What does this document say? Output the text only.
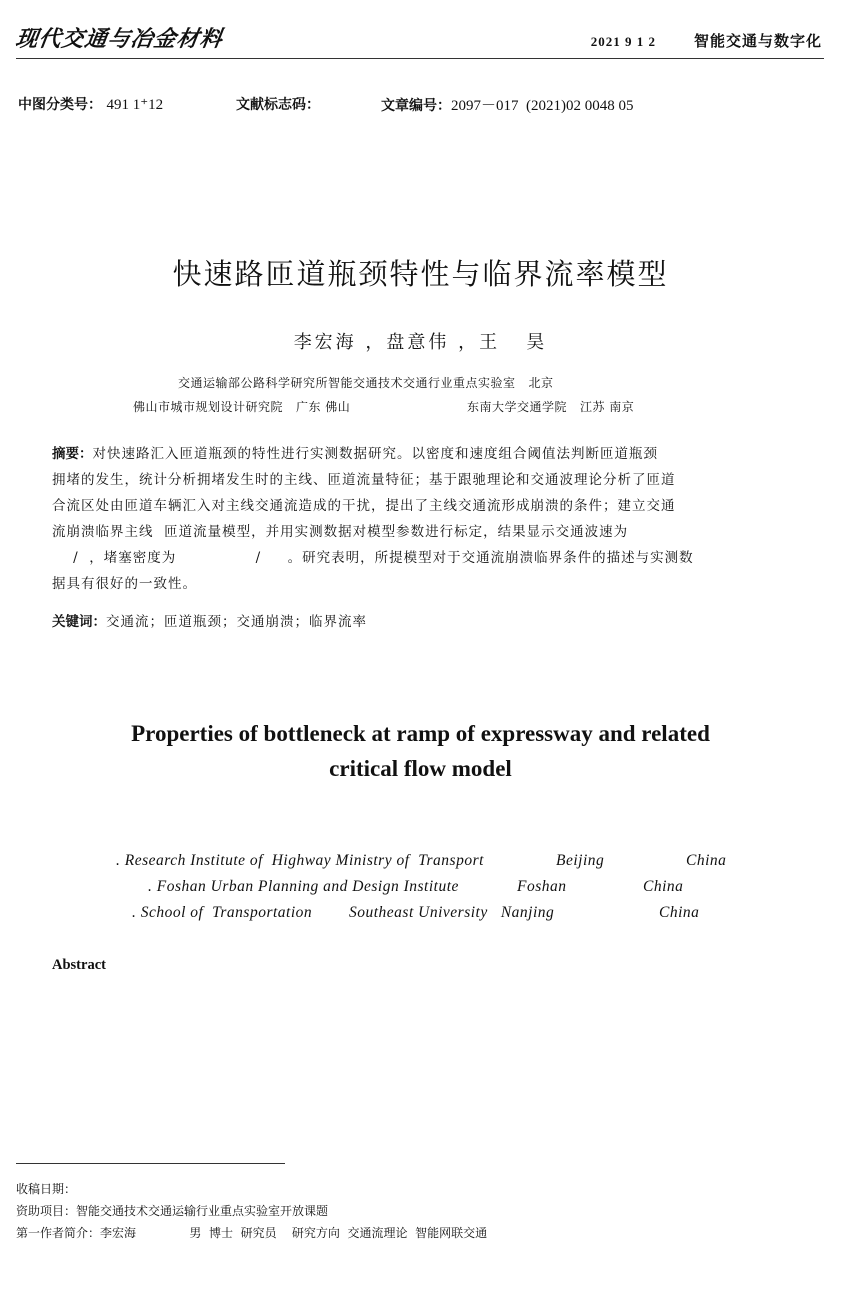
现代交通与冶金材料	2021 9 1 2	智能交通与数字化
中图分类号： 491 1⁺12	文献标志码：	文章编号：2097－017  (2021)02 0048 05
快速路匝道瓶颈特性与临界流率模型
李宏海 ，盘意伟 ，王   昊
交通运输部公路科学研究所智能交通技术交通行业重点实验室   北京
佛山市城市规划设计研究院   广东 佛山	东南大学交通学院   江苏 南京
摘要：对快速路汇入匝道瓶颈的特性进行实测数据研究。以密度和速度组合阈值法判断匝道瓶颈
拥堵的发生，统计分析拥堵发生时的主线、匝道流量特征；基于跟驰理论和交通波理论分析了匝道
合流区处由匝道车辆汇入对主线交通流造成的干扰，提出了主线交通流形成崩溃的条件；建立交通
流崩溃临界主线  匝道流量模型，并用实测数据对模型参数进行标定，结果显示交通波速为
/  ，堵塞密度为               /     。研究表明，所提模型对于交通流崩溃临界条件的描述与实测数
据具有很好的一致性。
关键词：交通流；匝道瓶颈；交通崩溃；临界流率
Properties of bottleneck at ramp of expressway and related
critical flow model
. Research Institute of  Highway Ministry of  Transport	Beijing	China
. Foshan Urban Planning and Design Institute	Foshan	China
. School of  Transportation Southeast University   Nanjing	China
Abstract
收稿日期：
资助项目：智能交通技术交通运输行业重点实验室开放课题
第一作者简介：李宏海              男  博士  研究员    研究方向  交通流理论  智能网联交通
